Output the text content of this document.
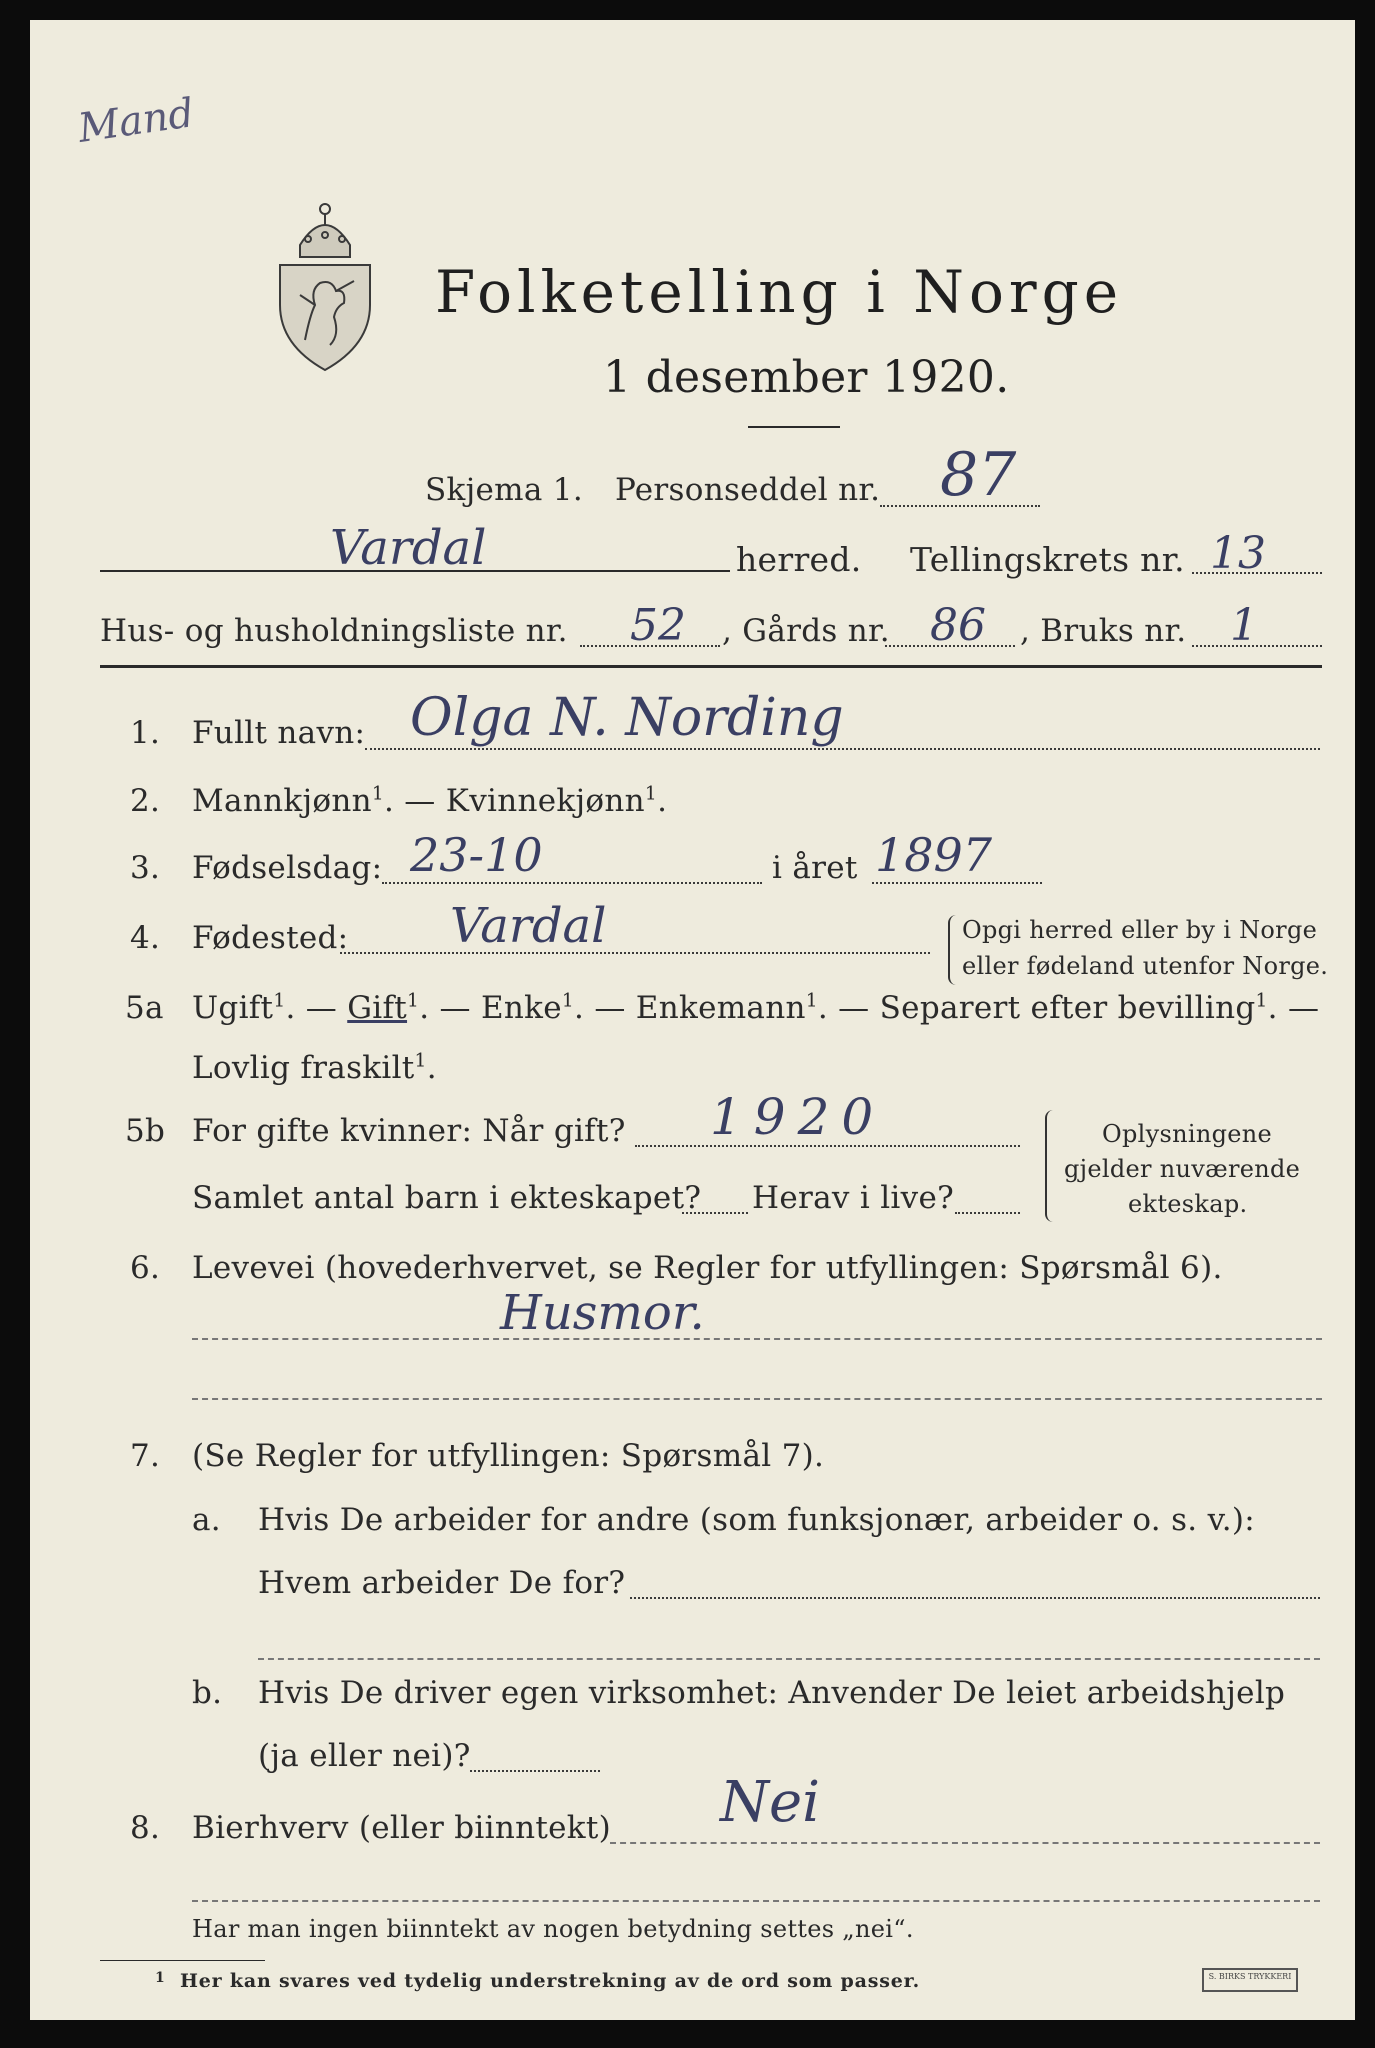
Mand
Folketelling i Norge
1 desember 1920.
Skjema 1. Personseddel nr. 87
Vardal	herred. Tellingskrets nr. 13
Hus- og husholdningsliste nr. 52 , Gårds nr. 86 , Bruks nr. 1
1. Fullt navn: Olga N. Nording
2. Mannkjønn$^1$. — Kvinnekjønn$^1$.
3. Fødselsdag: 23-10	i året 1897
4. Fødested: Vardal	Opgi herred eller by i Norge
eller fødeland utenfor Norge.
5a Ugift$^1$. — Gift$^1$. — Enke$^1$. — Enkemann$^1$. — Separert efter bevilling$^1$. —
Lovlig fraskilt$^1$.
5b For gifte kvinner: Når gift? 1920
Samlet antal barn i ekteskapet? Herav i live?
Oplysningene
gjelder nuværende
ekteskap.
6. Levevei (hovederhvervet, se Regler for utfyllingen: Spørsmål 6).
Husmor.
7. (Se Regler for utfyllingen: Spørsmål 7).
a. Hvis De arbeider for andre (som funksjonær, arbeider o. s. v.):
Hvem arbeider De for?
b. Hvis De driver egen virksomhet: Anvender De leiet arbeidshjelp
(ja eller nei)?
8. Bierhverv (eller biinntekt) Nei
Har man ingen biinntekt av nogen betydning settes „nei“.
1 Her kan svares ved tydelig understrekning av de ord som passer.	S. BIRKS TRYKKERI
